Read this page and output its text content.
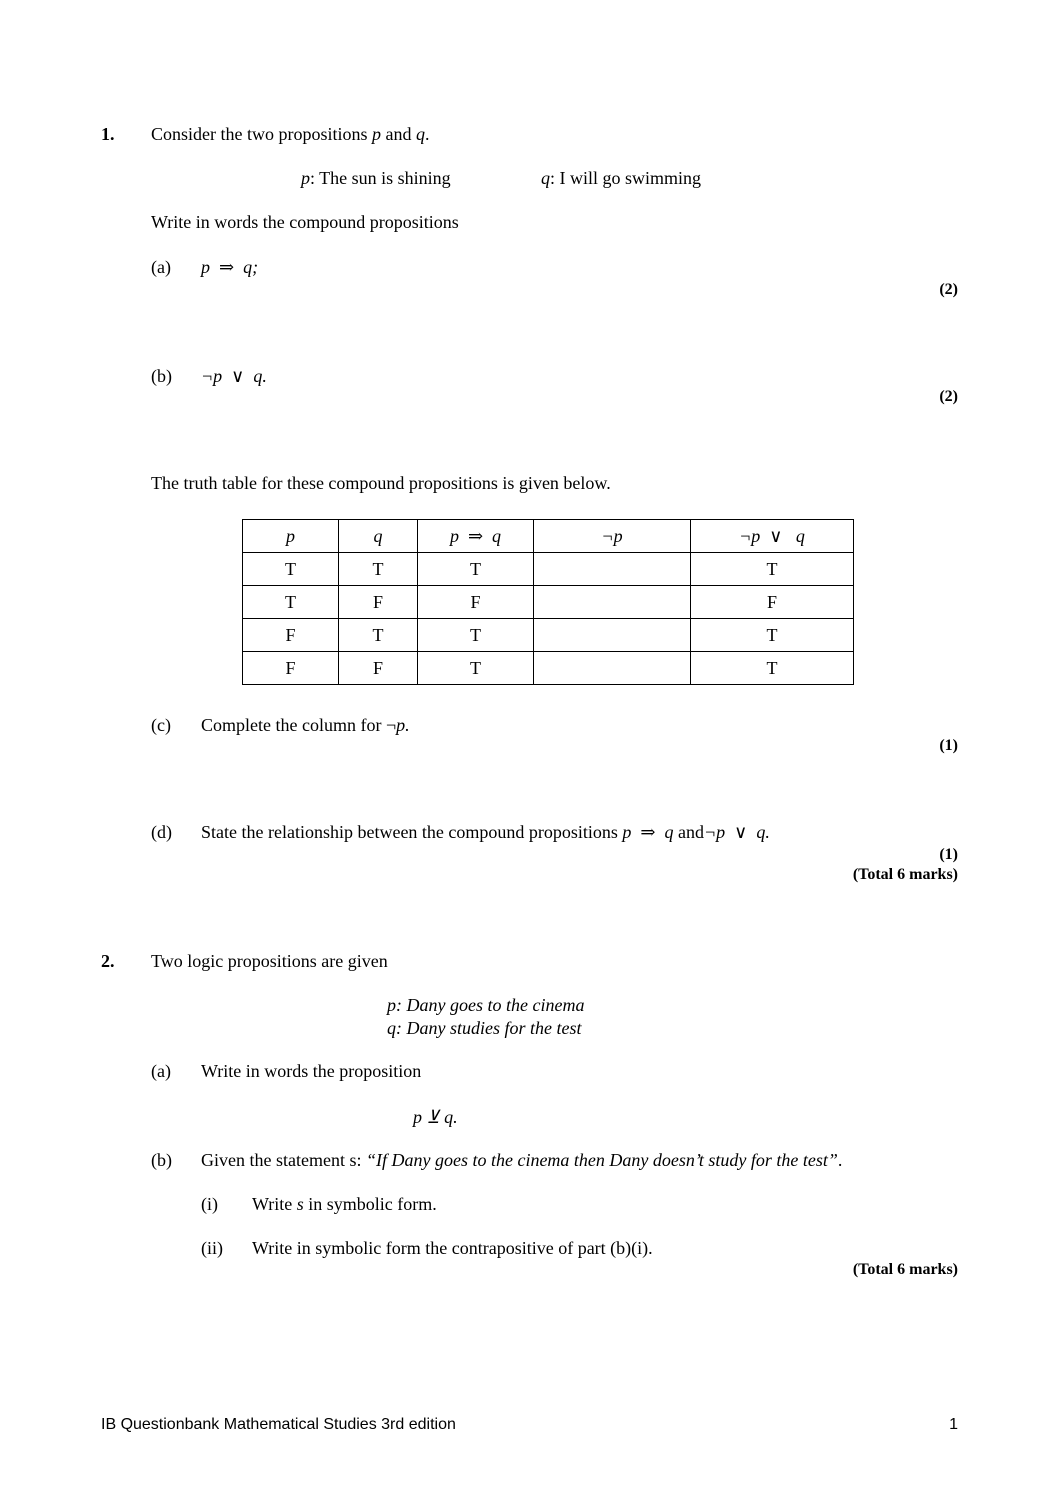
1. Consider the two propositions p and q.
p: The sun is shining	q: I will go swimming
Write in words the compound propositions
(a) p  ⇒  q;
(2)
(b) ¬p  ∨  q.
(2)
The truth table for these compound propositions is given below.
p	q	p  ⇒  q	¬p	¬p  ∨   q
T	T	T		T
T	F	F		F
F	T	T		T
F	F	T		T
(c) Complete the column for ¬p.
(1)
(d) State the relationship between the compound propositions p  ⇒  q and¬p  ∨  q.
(1)
(Total 6 marks)
2. Two logic propositions are given
p: Dany goes to the cinema
q: Dany studies for the test
(a) Write in words the proposition
p ⊻ q.
(b) Given the statement s: “If Dany goes to the cinema then Dany doesn’t study for the test”.
(i) Write s in symbolic form.
(ii) Write in symbolic form the contrapositive of part (b)(i).
(Total 6 marks)
IB Questionbank Mathematical Studies 3rd edition	1
